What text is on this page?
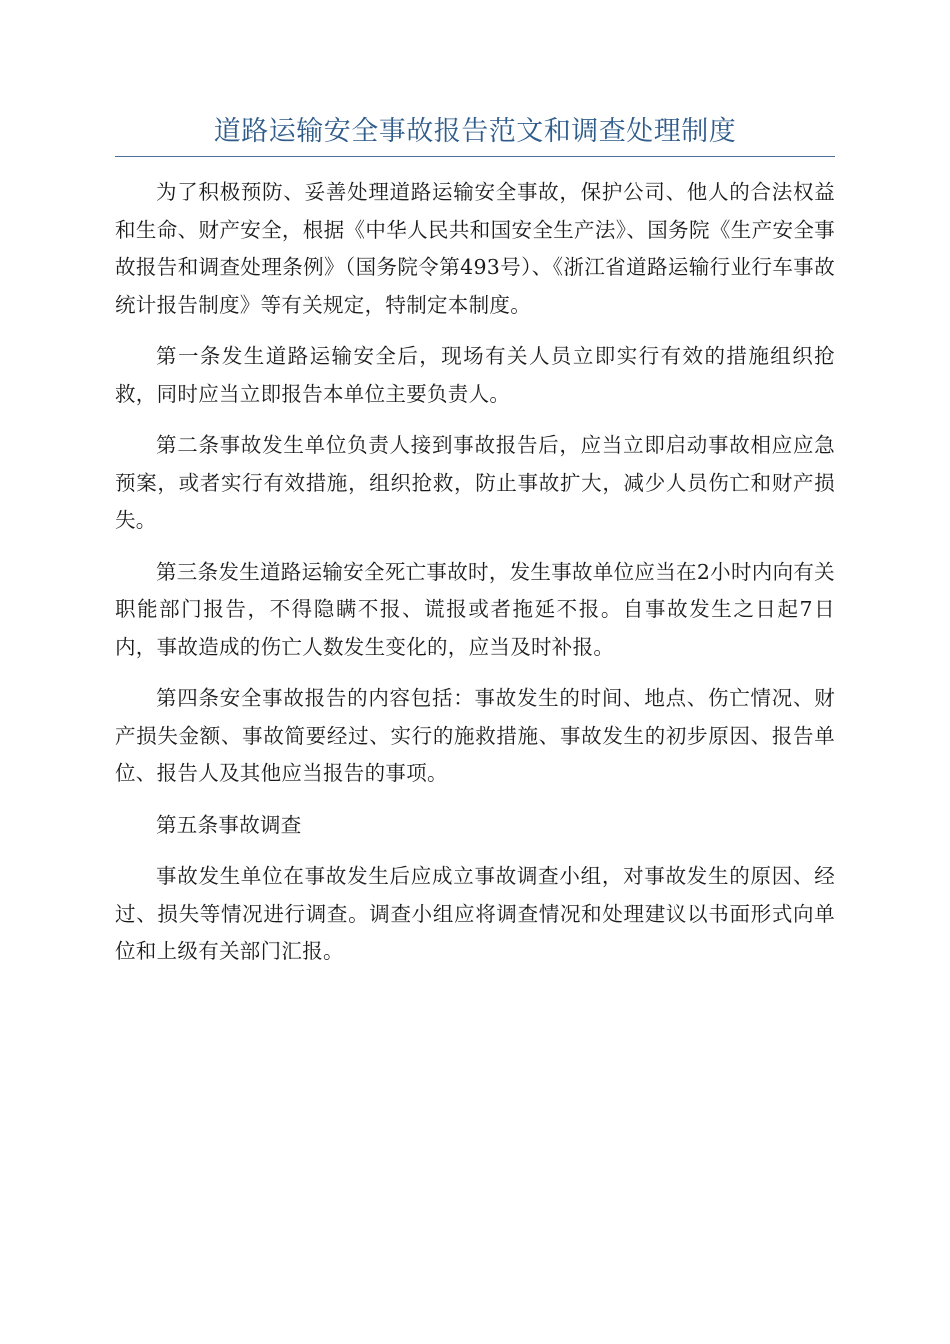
道路运输安全事故报告范文和调查处理制度

为了积极预防、妥善处理道路运输安全事故，保护公司、他人的合法权益和生命、财产安全，根据《中华人民共和国安全生产法》、国务院《生产安全事故报告和调查处理条例》（国务院令第493号）、《浙江省道路运输行业行车事故统计报告制度》等有关规定，特制定本制度。

第一条发生道路运输安全后，现场有关人员立即实行有效的措施组织抢救，同时应当立即报告本单位主要负责人。

第二条事故发生单位负责人接到事故报告后，应当立即启动事故相应应急预案，或者实行有效措施，组织抢救，防止事故扩大，减少人员伤亡和财产损失。

第三条发生道路运输安全死亡事故时，发生事故单位应当在2小时内向有关职能部门报告，不得隐瞒不报、谎报或者拖延不报。自事故发生之日起7日内，事故造成的伤亡人数发生变化的，应当及时补报。

第四条安全事故报告的内容包括：事故发生的时间、地点、伤亡情况、财产损失金额、事故简要经过、实行的施救措施、事故发生的初步原因、报告单位、报告人及其他应当报告的事项。

第五条事故调查

事故发生单位在事故发生后应成立事故调查小组，对事故发生的原因、经过、损失等情况进行调查。调查小组应将调查情况和处理建议以书面形式向单位和上级有关部门汇报。
